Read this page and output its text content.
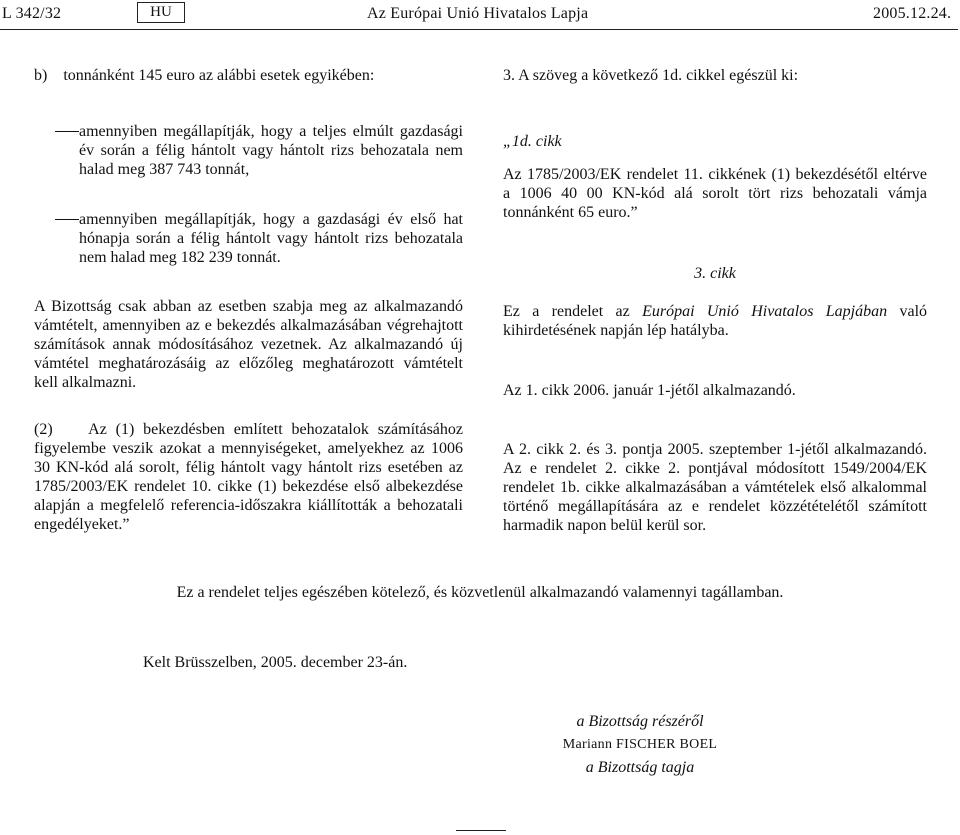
L 342/32	HU	Az Európai Unió Hivatalos Lapja	2005.12.24.

b)    tonnánként 145 euro az alábbi esetek egyikében:

amennyiben megállapítják, hogy a teljes elmúlt gazdasági év során a félig hántolt vagy hántolt rizs behozatala nem halad meg 387 743 tonnát,

amennyiben megállapítják, hogy a gazdasági év első hat hónapja során a félig hántolt vagy hántolt rizs behozatala nem halad meg 182 239 tonnát.

A Bizottság csak abban az esetben szabja meg az alkalmazandó vámtételt, amennyiben az e bekezdés alkalmazásában végrehajtott számítások annak módosításához vezetnek. Az alkalmazandó új vámtétel meghatározásáig az előzőleg meghatározott vámtételt kell alkalmazni.

(2)    Az (1) bekezdésben említett behozatalok számításához figyelembe veszik azokat a mennyiségeket, amelyekhez az 1006 30 KN-kód alá sorolt, félig hántolt vagy hántolt rizs esetében az 1785/2003/EK rendelet 10. cikke (1) bekezdése első albekezdése alapján a megfelelő referencia-időszakra kiállították a behozatali engedélyeket.”

3. A szöveg a következő 1d. cikkel egészül ki:

„1d. cikk

Az 1785/2003/EK rendelet 11. cikkének (1) bekezdésétől eltérve a 1006 40 00 KN-kód alá sorolt tört rizs behozatali vámja tonnánként 65 euro.”

3. cikk

Ez a rendelet az Európai Unió Hivatalos Lapjában való kihirdetésének napján lép hatályba.

Az 1. cikk 2006. január 1-jétől alkalmazandó.

A 2. cikk 2. és 3. pontja 2005. szeptember 1-jétől alkalmazandó. Az e rendelet 2. cikke 2. pontjával módosított 1549/2004/EK rendelet 1b. cikke alkalmazásában a vámtételek első alkalommal történő megállapítására az e rendelet közzétételétől számított harmadik napon belül kerül sor.

Ez a rendelet teljes egészében kötelező, és közvetlenül alkalmazandó valamennyi tagállamban.

Kelt Brüsszelben, 2005. december 23-án.

a Bizottság részéről
Mariann FISCHER BOEL
a Bizottság tagja
